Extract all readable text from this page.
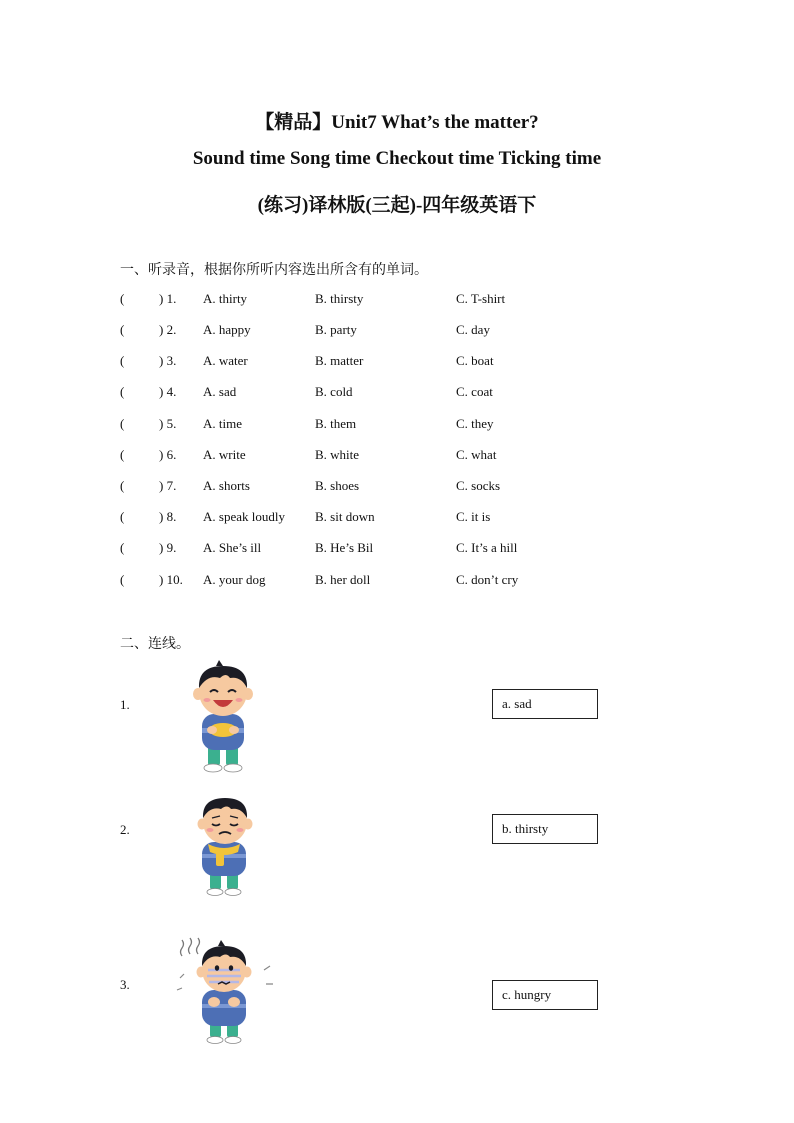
【精品】Unit7 What’s the matter?
Sound time Song time Checkout time Ticking time
(练习)译林版(三起)-四年级英语下
一、听录音，根据你所听内容选出所含有的单词。
(	) 1. A. thirty	B. thirsty	C. T-shirt
(	) 2. A. happy	B. party	C. day
(	) 3. A. water	B. matter	C. boat
(	) 4. A. sad	B. cold	C. coat
(	) 5. A. time	B. them	C. they
(	) 6. A. write	B. white	C. what
(	) 7. A. shorts	B. shoes	C. socks
(	) 8. A. speak loudly B. sit down	C. it is
(	) 9. A. She’s ill	B. He’s Bil	C. It’s a hill
(	) 10. A. your dog	B. her doll	C. don’t cry
二、连线。
1.	a. sad
2.	b. thirsty
3.
c. hungry
